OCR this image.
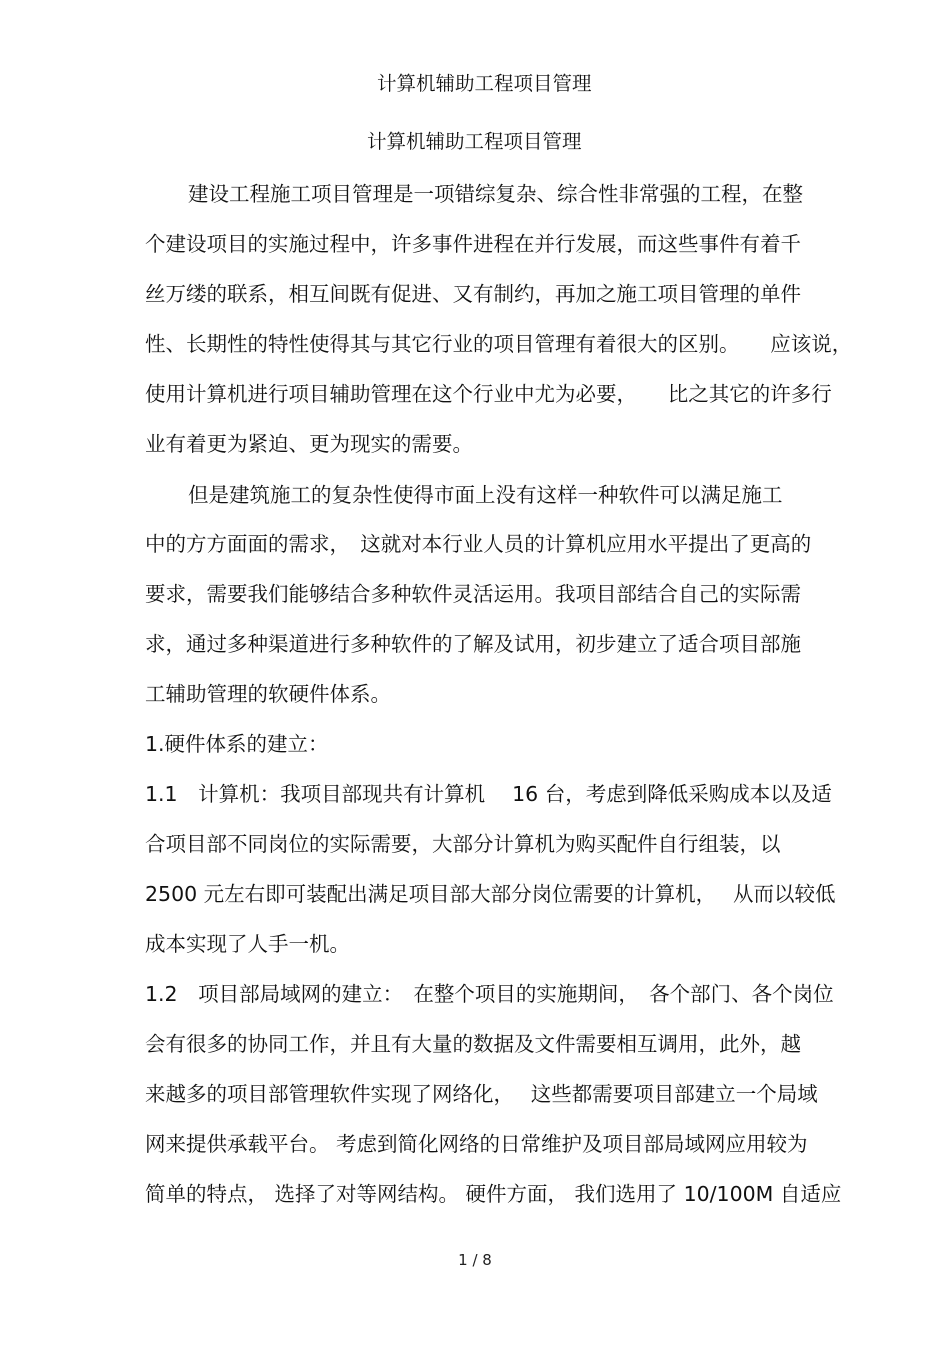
计算机辅助工程项目管理
计算机辅助工程项目管理
建设工程施工项目管理是一项错综复杂、综合性非常强的工程，在整
个建设项目的实施过程中，许多事件进程在并行发展，而这些事件有着千
丝万缕的联系，相互间既有促进、又有制约，再加之施工项目管理的单件
性、长期性的特性使得其与其它行业的项目管理有着很大的区别。　　应该说，
使用计算机进行项目辅助管理在这个行业中尤为必要，　　比之其它的许多行
业有着更为紧迫、更为现实的需要。
但是建筑施工的复杂性使得市面上没有这样一种软件可以满足施工
中的方方面面的需求，　这就对本行业人员的计算机应用水平提出了更高的
要求，需要我们能够结合多种软件灵活运用。我项目部结合自己的实际需
求，通过多种渠道进行多种软件的了解及试用，初步建立了适合项目部施
工辅助管理的软硬件体系。
1.硬件体系的建立：
1.1　计算机：我项目部现共有计算机　 16 台，考虑到降低采购成本以及适
合项目部不同岗位的实际需要，大部分计算机为购买配件自行组装，以
2500 元左右即可装配出满足项目部大部分岗位需要的计算机，　 从而以较低
成本实现了人手一机。
1.2　项目部局域网的建立：　在整个项目的实施期间，　各个部门、各个岗位
会有很多的协同工作，并且有大量的数据及文件需要相互调用，此外，越
来越多的项目部管理软件实现了网络化，　 这些都需要项目部建立一个局域
网来提供承载平台。 考虑到简化网络的日常维护及项目部局域网应用较为
简单的特点， 选择了对等网结构。 硬件方面， 我们选用了 10/100M 自适应
1 / 8
